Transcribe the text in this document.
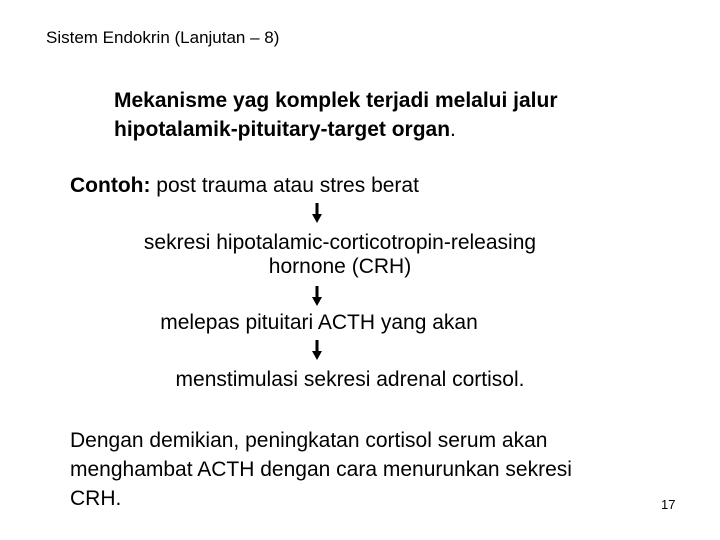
Sistem Endokrin (Lanjutan – 8)
Mekanisme yag komplek terjadi melalui jalur
hipotalamik-pituitary-target organ.
Contoh: post trauma atau stres berat
sekresi hipotalamic-corticotropin-releasing
hornone (CRH)
melepas pituitari ACTH yang akan
menstimulasi sekresi adrenal cortisol.
Dengan demikian, peningkatan cortisol serum akan
menghambat ACTH dengan cara menurunkan sekresi
CRH.	17
